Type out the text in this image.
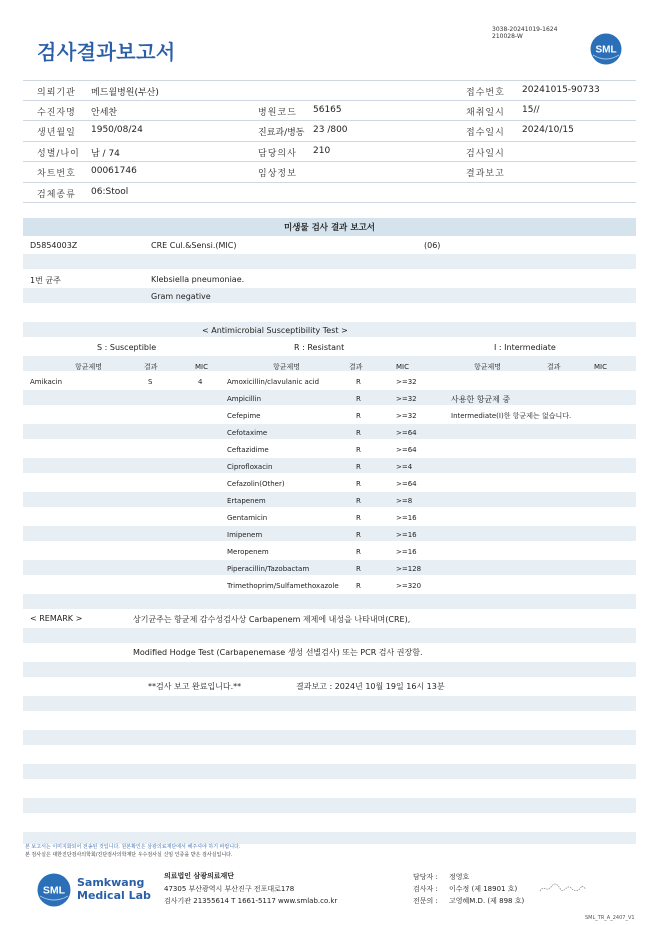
검사결과보고서
3038-20241019-1624
210028-W
SML
의뢰기관 메드윌병원(부산)	접수번호 20241015-90733
수진자명 안세찬	병원코드 56165	채취일시 15//
생년월일 1950/08/24	진료과/병동 23 /800	접수일시 2024/10/15
성별/나이 남 / 74	담당의사 210	검사일시
차트번호 00061746	임상정보	결과보고
검체종류 06:Stool
미생물 검사 결과 보고서
D5854003Z	CRE Cul.&Sensi.(MIC)	(06)
1번 균주	Klebsiella pneumoniae.
Gram negative
< Antimicrobial Susceptibility Test >
S : Susceptible	R : Resistant	I : Intermediate
항균제명	결과	MIC	항균제명	결과	MIC	항균제명	결과	MIC
Amikacin	S	4	Amoxicillin/clavulanic acid	R	>=32
Ampicillin	R	>=32
Cefepime	R	>=32
Cefotaxime	R	>=64
Ceftazidime	R	>=64
Ciprofloxacin	R	>=4
Cefazolin(Other)	R	>=64
Ertapenem	R	>=8
Gentamicin	R	>=16
Imipenem	R	>=16
Meropenem	R	>=16
Piperacillin/Tazobactam	R	>=128
Trimethoprim/Sulfamethoxazole R	>=320
사용한 항균제 중
Intermediate(I)한 항균제는 없습니다.
< REMARK >	상기균주는 항균제 감수성검사상 Carbapenem 제제에 내성을 나타내며(CRE),
Modified Hodge Test (Carbapenemase 생성 선별검사) 또는 PCR 검사 권장함.
**검사 보고 완료입니다.**	결과보고 : 2024년 10월 19일 16시 13분
본 보고서는 이미지화되어 전송된 것입니다. 원본확인은 삼광의료재단에서 해주셔야 하기 바랍니다.
본 검사실은 대한진단검사의학회/진단검사의학재단 우수검사실 신임 인증을 받은 검사실입니다.
SML
Samkwang
Medical Lab
의료법인 삼광의료재단
47305 부산광역시 부산진구 전포대로178
검사기관 21355614 T 1661-5117 www.smlab.co.kr
담당자 : 정영호
검사자 : 이수정 (제 18901 호)
전문의 : 고영혜M.D. (제 898 호)
SML_TR_A_2407_V1
